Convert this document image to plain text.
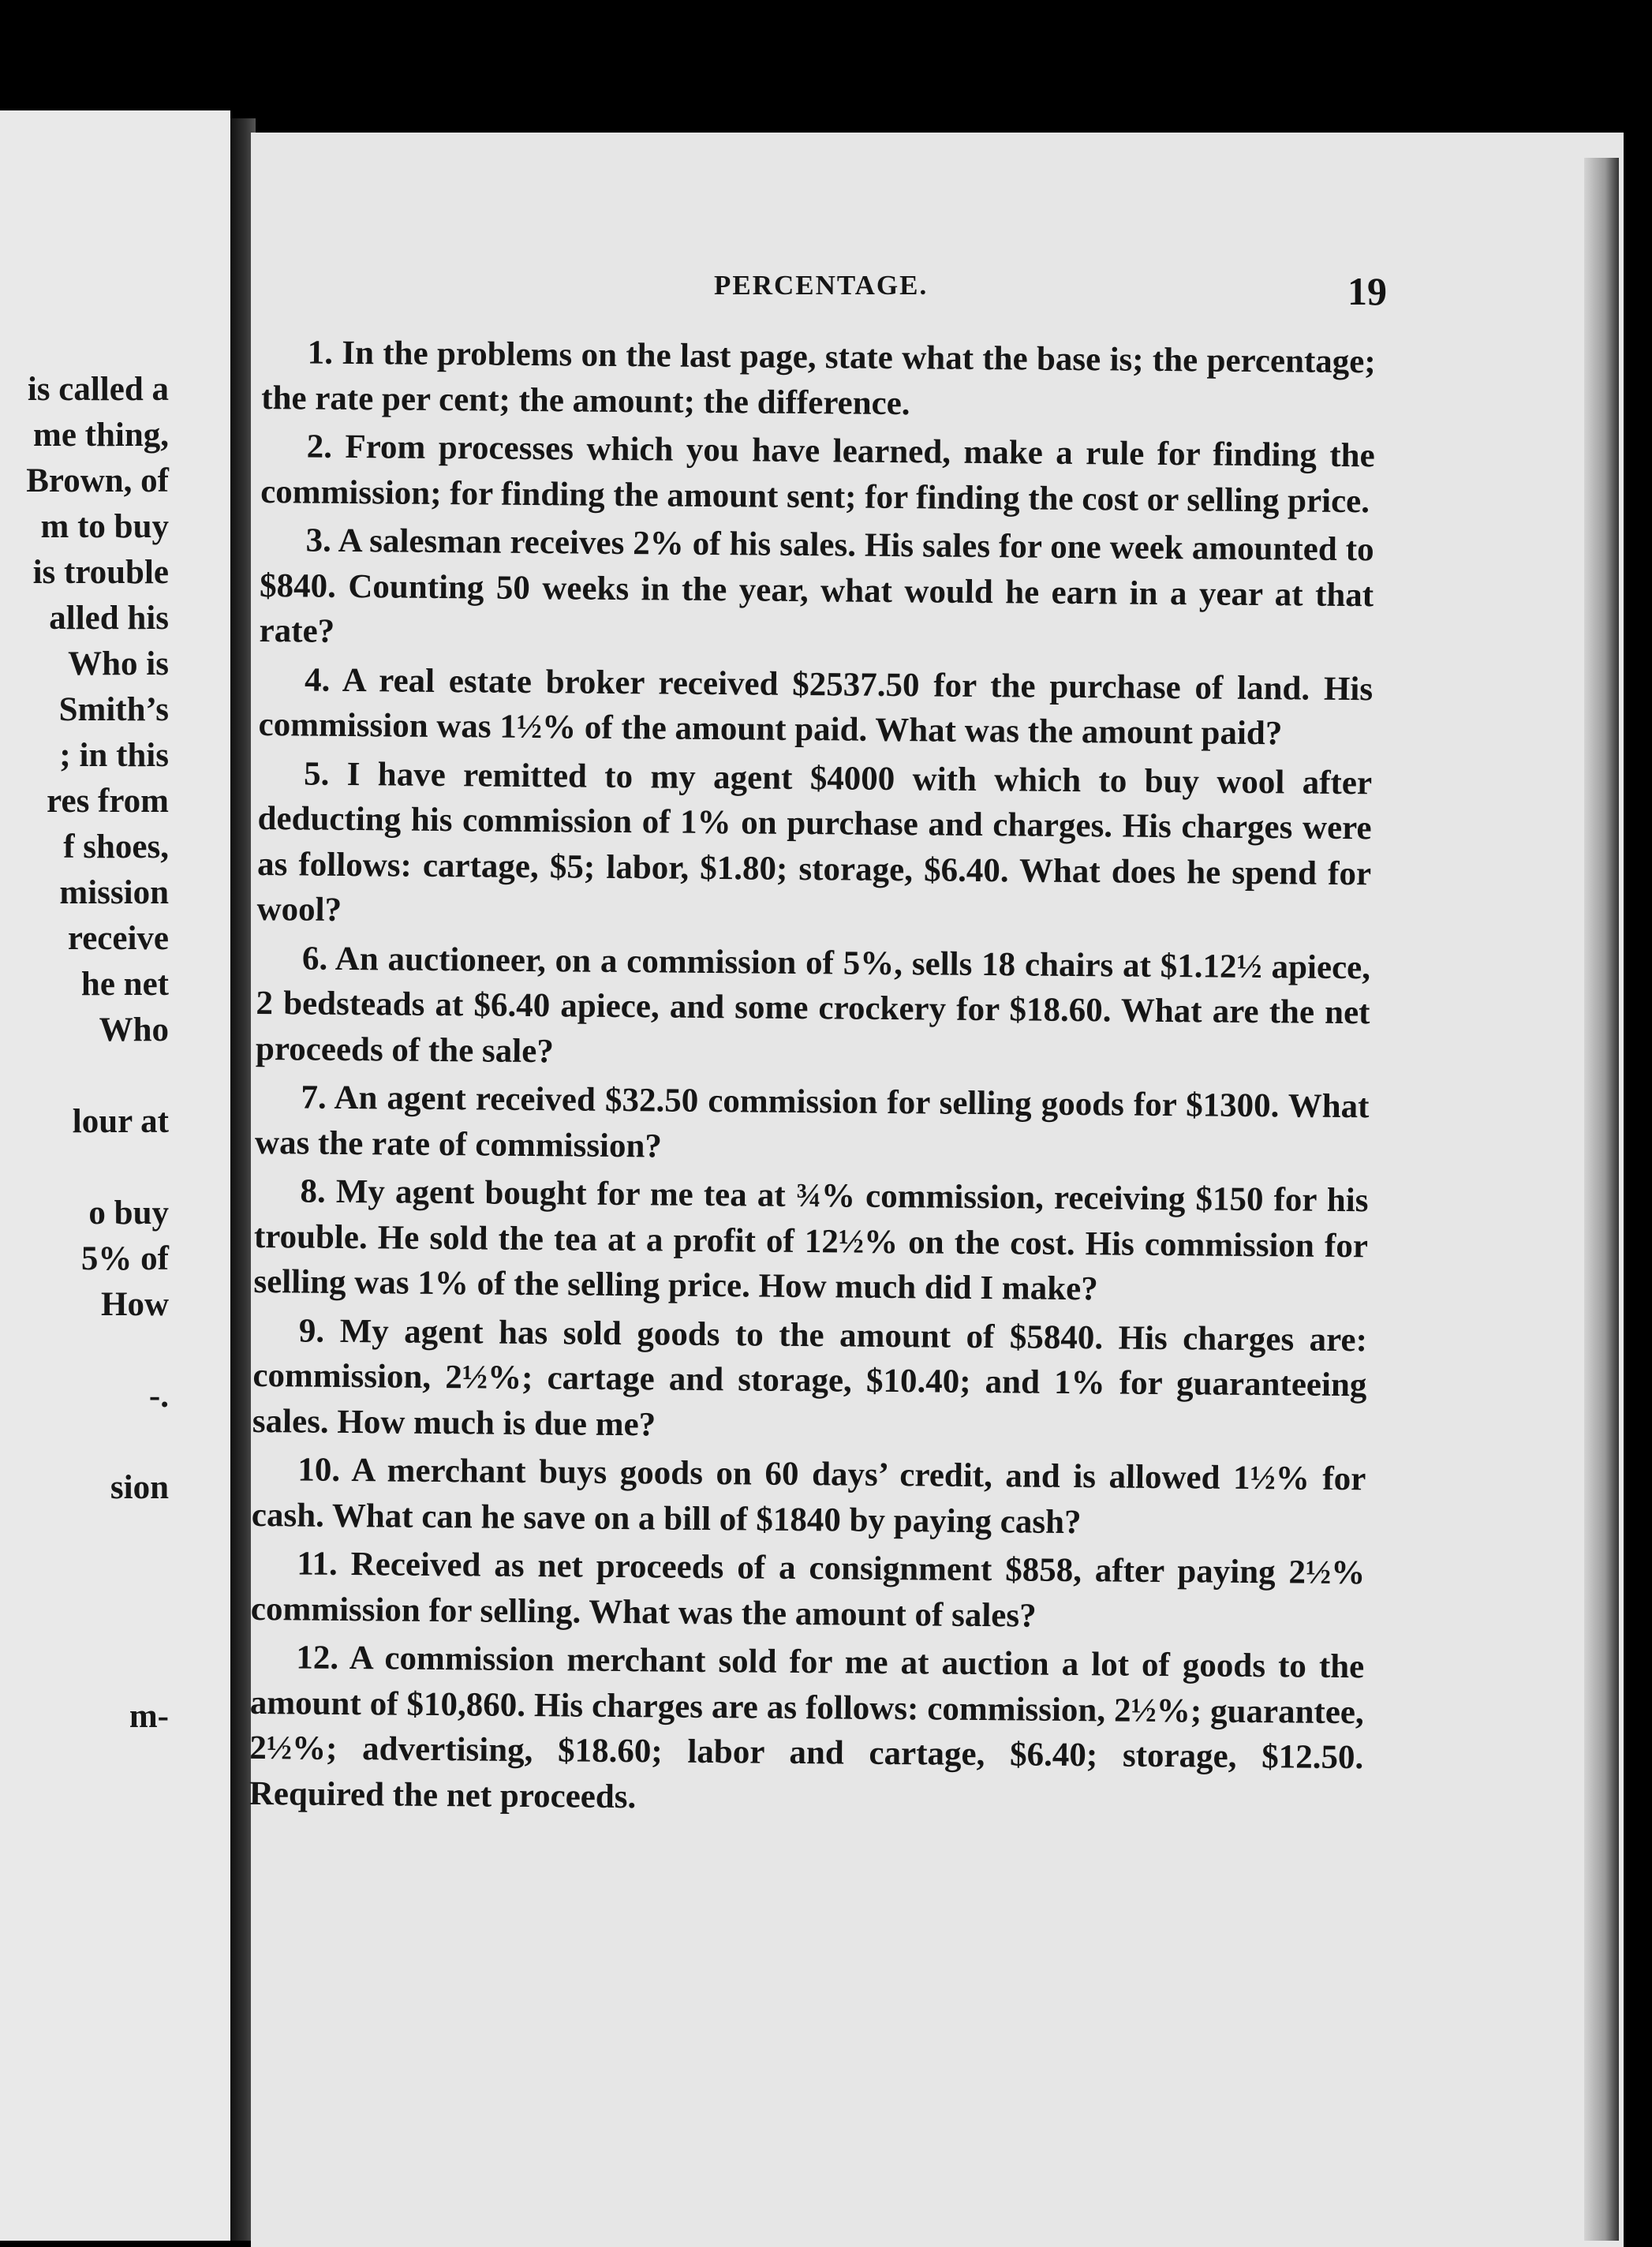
is called a
me thing,
Brown, of
m to buy
is trouble
alled his
Who is
Smith’s
; in this
res from
f shoes,
mission
receive
he net
Who

lour at

o buy
5% of
How

-.

sion

m-
PERCENTAGE.	19

1. In the problems on the last page, state what the base is; the percentage; the rate per cent; the amount; the difference.

2. From processes which you have learned, make a rule for finding the commission; for finding the amount sent; for finding the cost or selling price.

3. A salesman receives 2% of his sales. His sales for one week amounted to $840. Counting 50 weeks in the year, what would he earn in a year at that rate?

4. A real estate broker received $2537.50 for the purchase of land. His commission was 1½% of the amount paid. What was the amount paid?

5. I have remitted to my agent $4000 with which to buy wool after deducting his commission of 1% on purchase and charges. His charges were as follows: cartage, $5; labor, $1.80; storage, $6.40. What does he spend for wool?

6. An auctioneer, on a commission of 5%, sells 18 chairs at $1.12½ apiece, 2 bedsteads at $6.40 apiece, and some crockery for $18.60. What are the net proceeds of the sale?

7. An agent received $32.50 commission for selling goods for $1300. What was the rate of commission?

8. My agent bought for me tea at ¾% commission, receiving $150 for his trouble. He sold the tea at a profit of 12½% on the cost. His commission for selling was 1% of the selling price. How much did I make?

9. My agent has sold goods to the amount of $5840. His charges are: commission, 2½%; cartage and storage, $10.40; and 1% for guaranteeing sales. How much is due me?

10. A merchant buys goods on 60 days’ credit, and is allowed 1½% for cash. What can he save on a bill of $1840 by paying cash?

11. Received as net proceeds of a consignment $858, after paying 2½% commission for selling. What was the amount of sales?

12. A commission merchant sold for me at auction a lot of goods to the amount of $10,860. His charges are as follows: commission, 2½%; guarantee, 2½%; advertising, $18.60; labor and cartage, $6.40; storage, $12.50. Required the net proceeds.
